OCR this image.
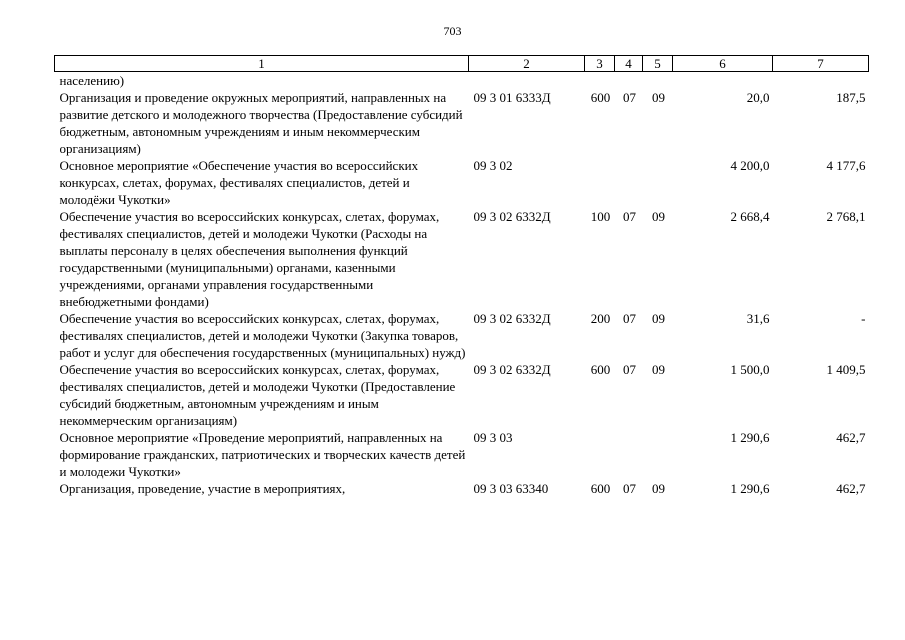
703
1	2	3	4	5	6	7
населению)						
Организация и проведение окружных мероприятий, направленных на развитие детского и молодежного творчества (Предоставление субсидий бюджетным, автономным учреждениям и иным некоммерческим организациям)	09 3 01 6333Д	600	07	09	20,0	187,5
Основное мероприятие «Обеспечение участия во всероссийских конкурсах, слетах, форумах, фестивалях специалистов, детей и молодёжи Чукотки»	09 3 02				4 200,0	4 177,6
Обеспечение участия во всероссийских конкурсах, слетах, форумах, фестивалях специалистов, детей и молодежи Чукотки (Расходы на выплаты персоналу в целях обеспечения выполнения функций государственными (муниципальными) органами, казенными учреждениями, органами управления государственными внебюджетными фондами)	09 3 02 6332Д	100	07	09	2 668,4	2 768,1
Обеспечение участия во всероссийских конкурсах, слетах, форумах, фестивалях специалистов, детей и молодежи Чукотки (Закупка товаров, работ и услуг для обеспечения государственных (муниципальных) нужд)	09 3 02 6332Д	200	07	09	31,6	-
Обеспечение участия во всероссийских конкурсах, слетах, форумах, фестивалях специалистов, детей и молодежи Чукотки (Предоставление субсидий бюджетным, автономным учреждениям и иным некоммерческим организациям)	09 3 02 6332Д	600	07	09	1 500,0	1 409,5
Основное мероприятие «Проведение мероприятий, направленных на формирование гражданских, патриотических и творческих качеств детей и молодежи Чукотки»	09 3 03				1 290,6	462,7
Организация, проведение, участие в мероприятиях,	09 3 03 63340	600	07	09	1 290,6	462,7
